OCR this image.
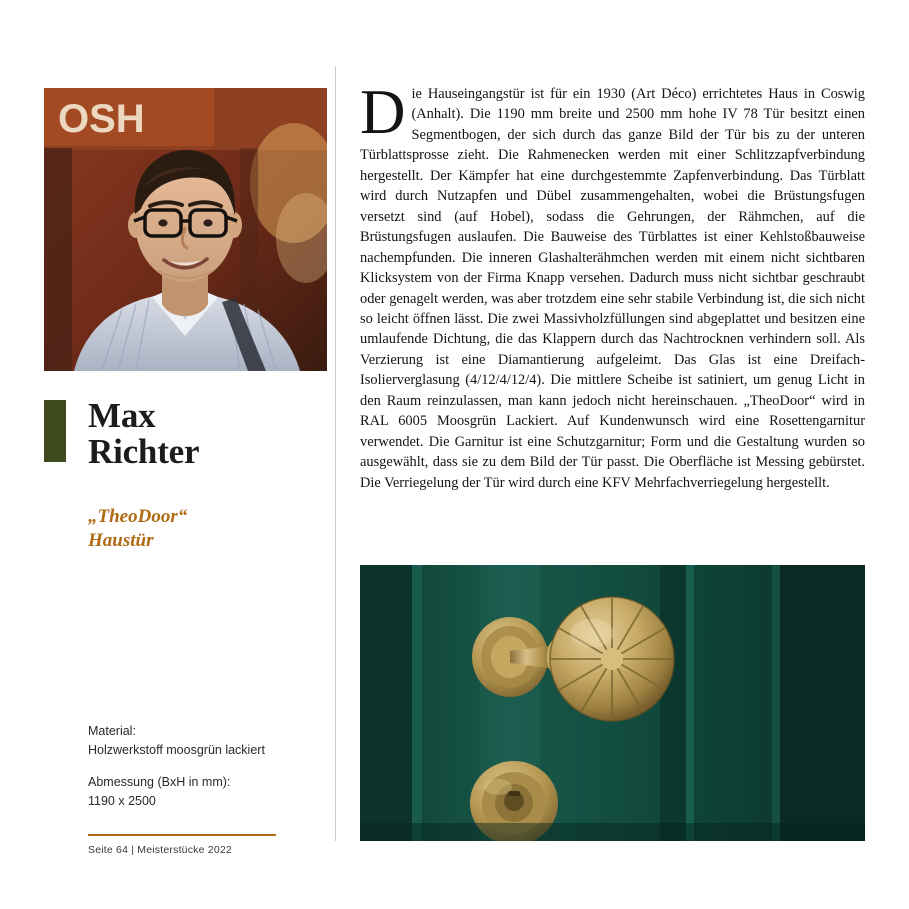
OSH
Max
Richter
„TheoDoor“
Haustür
Material:
Holzwerkstoff moosgrün lackiert
Abmessung (BxH in mm):
1190 x 2500
Seite 64 | Meisterstücke 2022
Die Hauseingangstür ist für ein 1930 (Art Déco) errichtetes Haus in Coswig (Anhalt). Die 1190 mm breite und 2500 mm hohe IV 78 Tür besitzt einen Segmentbogen, der sich durch das ganze Bild der Tür bis zu der unteren Türblattsprosse zieht. Die Rahmenecken werden mit einer Schlitzzapfverbindung hergestellt. Der Kämpfer hat eine durchgestemmte Zapfenverbindung. Das Türblatt wird durch Nutzapfen und Dübel zusammengehalten, wobei die Brüstungsfugen versetzt sind (auf Hobel), sodass die Gehrungen, der Rähmchen, auf die Brüstungsfugen auslaufen. Die Bauweise des Türblattes ist einer Kehlstoßbauweise nachempfunden. Die inneren Glashalterähmchen werden mit einem nicht sichtbaren Klicksystem von der Firma Knapp versehen. Dadurch muss nicht sichtbar geschraubt oder genagelt werden, was aber trotzdem eine sehr stabile Verbindung ist, die sich nicht so leicht öffnen lässt. Die zwei Massivholzfüllungen sind abgeplattet und besitzen eine umlaufende Dichtung, die das Klappern durch das Nachtrocknen verhindern soll. Als Verzierung ist eine Diamantierung aufgeleimt. Das Glas ist eine Dreifach-Isolierverglasung (4/12/4/12/4). Die mittlere Scheibe ist satiniert, um genug Licht in den Raum reinzulassen, man kann jedoch nicht hereinschauen. „TheoDoor“ wird in RAL 6005 Moosgrün Lackiert. Auf Kundenwunsch wird eine Rosettengarnitur verwendet. Die Garnitur ist eine Schutzgarnitur; Form und die Gestaltung wurden so ausgewählt, dass sie zu dem Bild der Tür passt. Die Oberfläche ist Messing gebürstet. Die Verriegelung der Tür wird durch eine KFV Mehrfachverriegelung hergestellt.
